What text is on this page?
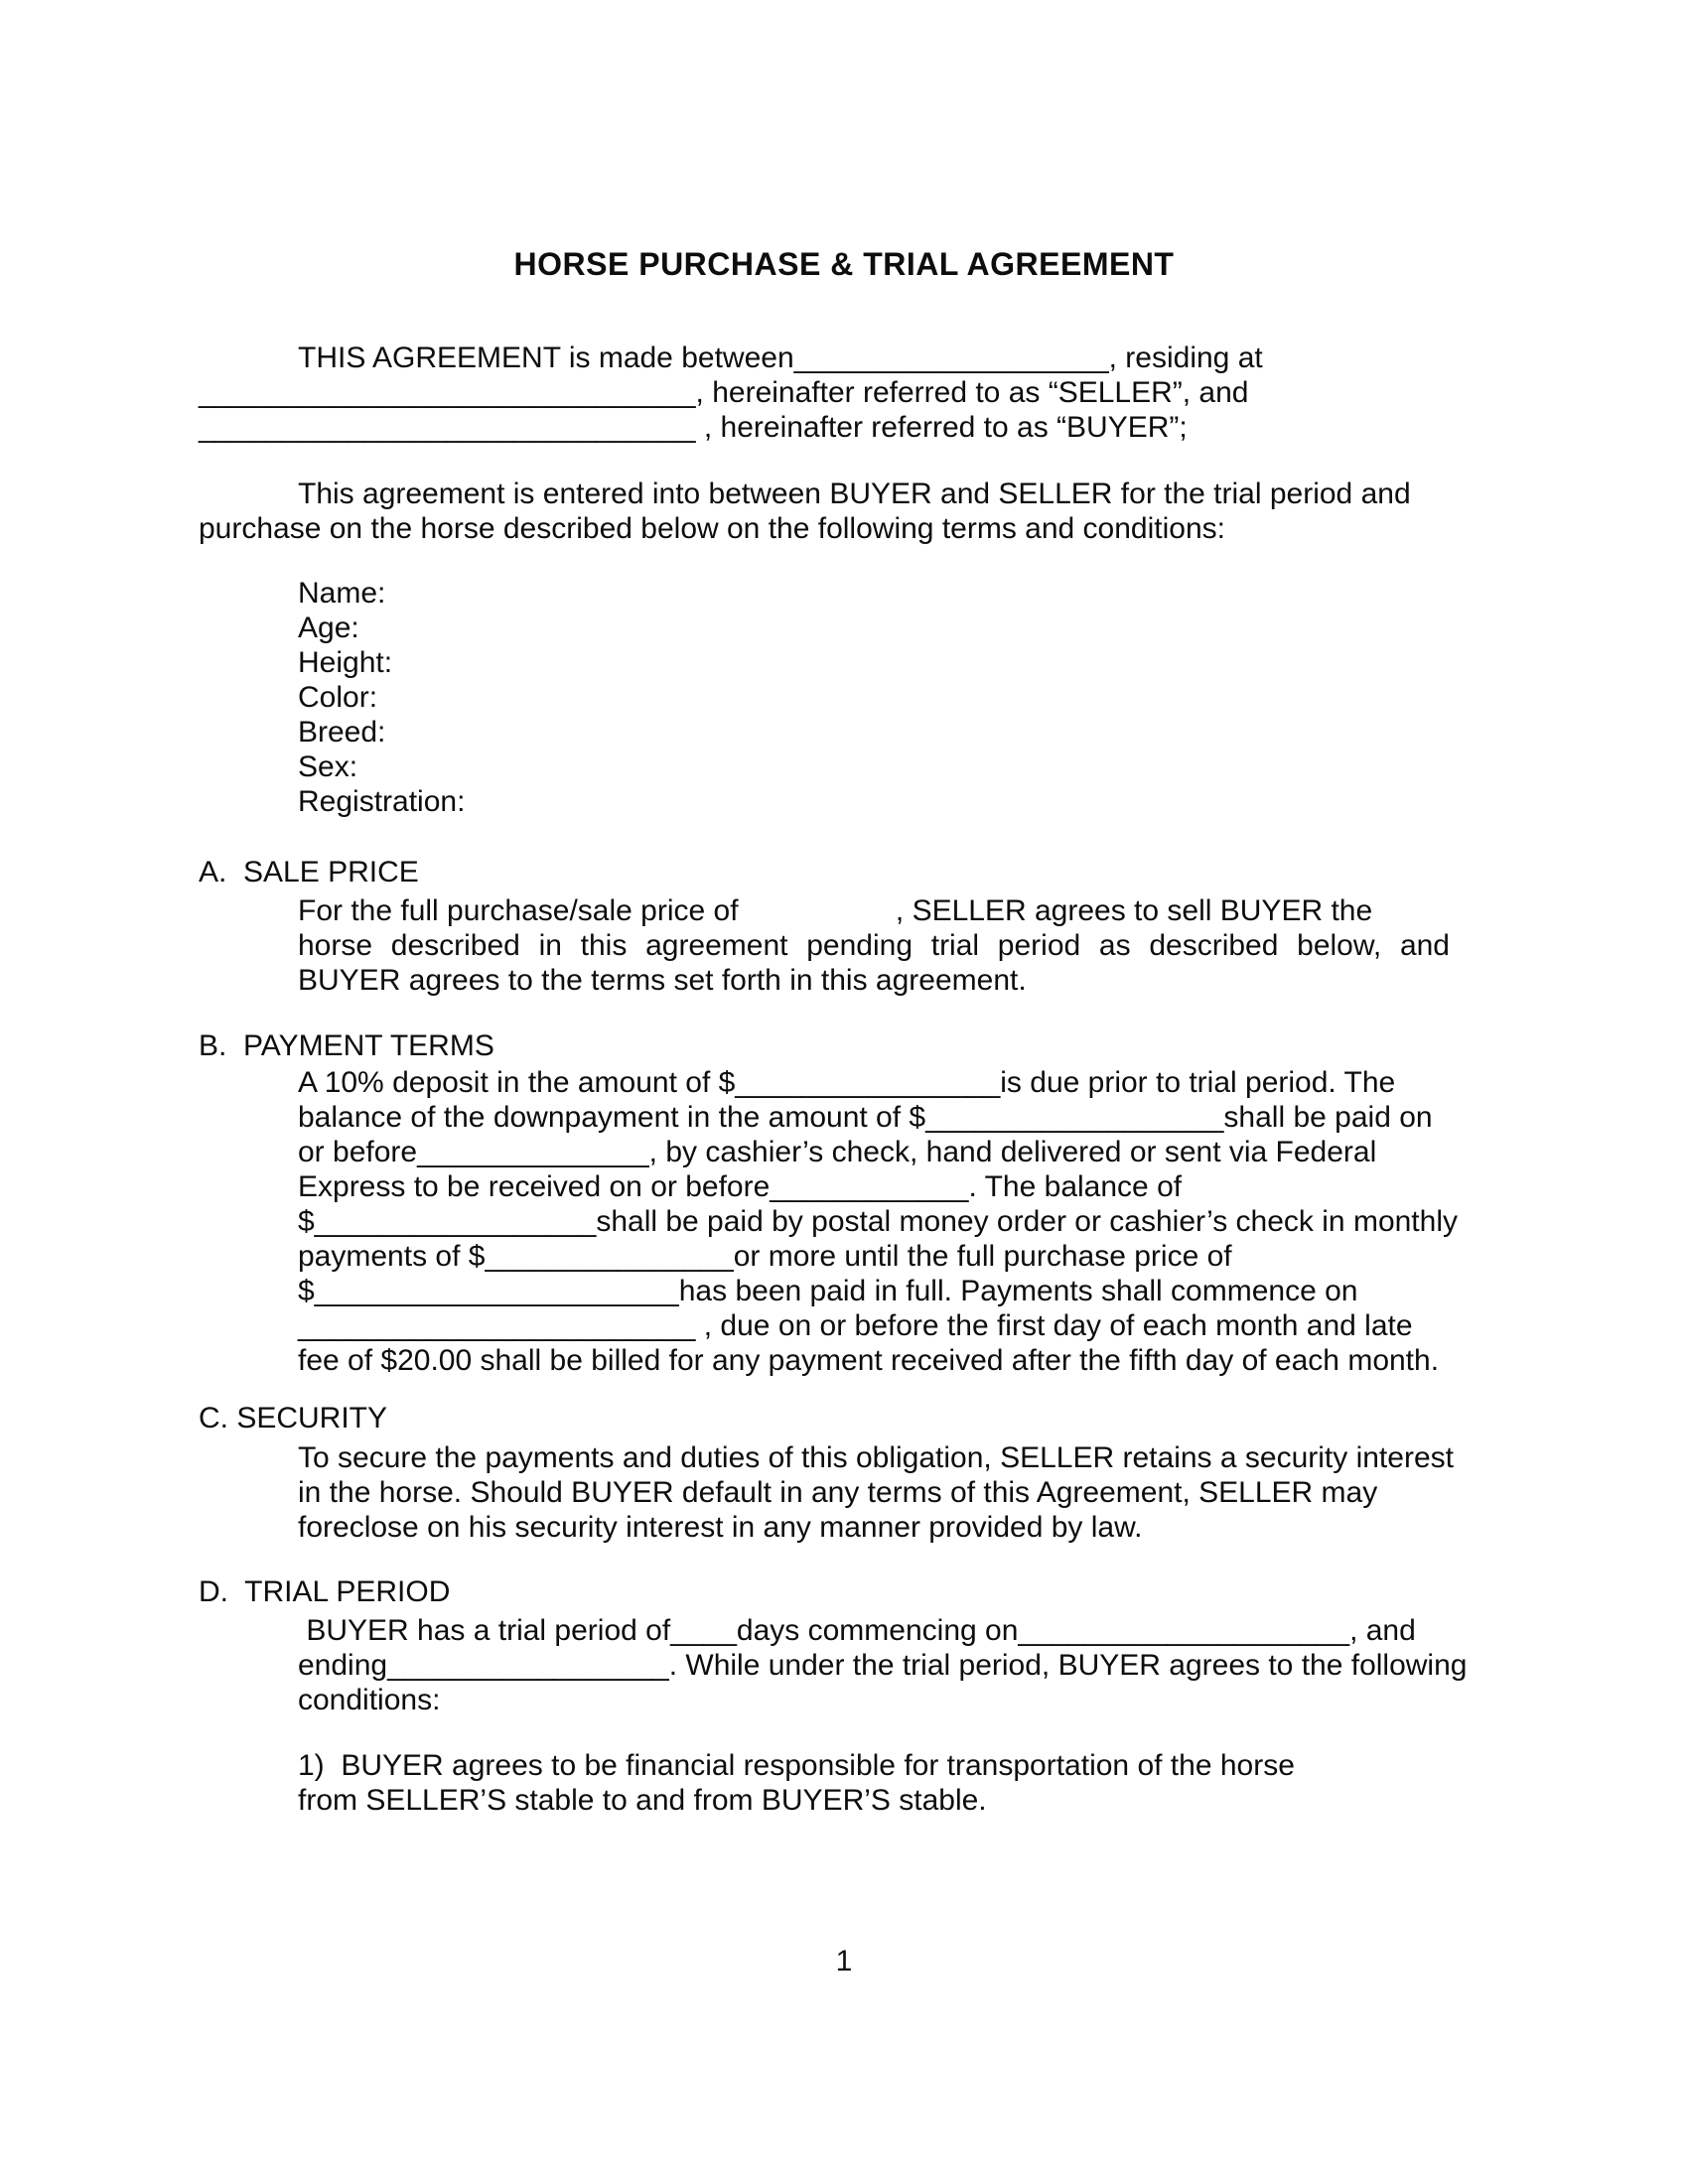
HORSE PURCHASE & TRIAL AGREEMENT
THIS AGREEMENT is made between___________________, residing at
______________________________, hereinafter referred to as “SELLER”, and
______________________________ , hereinafter referred to as “BUYER”;
This agreement is entered into between BUYER and SELLER for the trial period and
purchase on the horse described below on the following terms and conditions:
Name:
Age:
Height:
Color:
Breed:
Sex:
Registration:
A.  SALE PRICE
For the full purchase/sale price of                   , SELLER agrees to sell BUYER the
horse described in this agreement pending trial period as described below, and
BUYER agrees to the terms set forth in this agreement.
B.  PAYMENT TERMS
A 10% deposit in the amount of $________________is due prior to trial period. The
balance of the downpayment in the amount of $__________________shall be paid on
or before______________, by cashier’s check, hand delivered or sent via Federal
Express to be received on or before____________. The balance of
$_________________shall be paid by postal money order or cashier’s check in monthly
payments of $_______________or more until the full purchase price of
$______________________has been paid in full. Payments shall commence on
________________________ , due on or before the first day of each month and late
fee of $20.00 shall be billed for any payment received after the fifth day of each month.
C. SECURITY
To secure the payments and duties of this obligation, SELLER retains a security interest
in the horse. Should BUYER default in any terms of this Agreement, SELLER may
foreclose on his security interest in any manner provided by law.
D.  TRIAL PERIOD
BUYER has a trial period of____days commencing on____________________, and
ending_________________. While under the trial period, BUYER agrees to the following
conditions:
1)  BUYER agrees to be financial responsible for transportation of the horse
from SELLER’S stable to and from BUYER’S stable.
1
